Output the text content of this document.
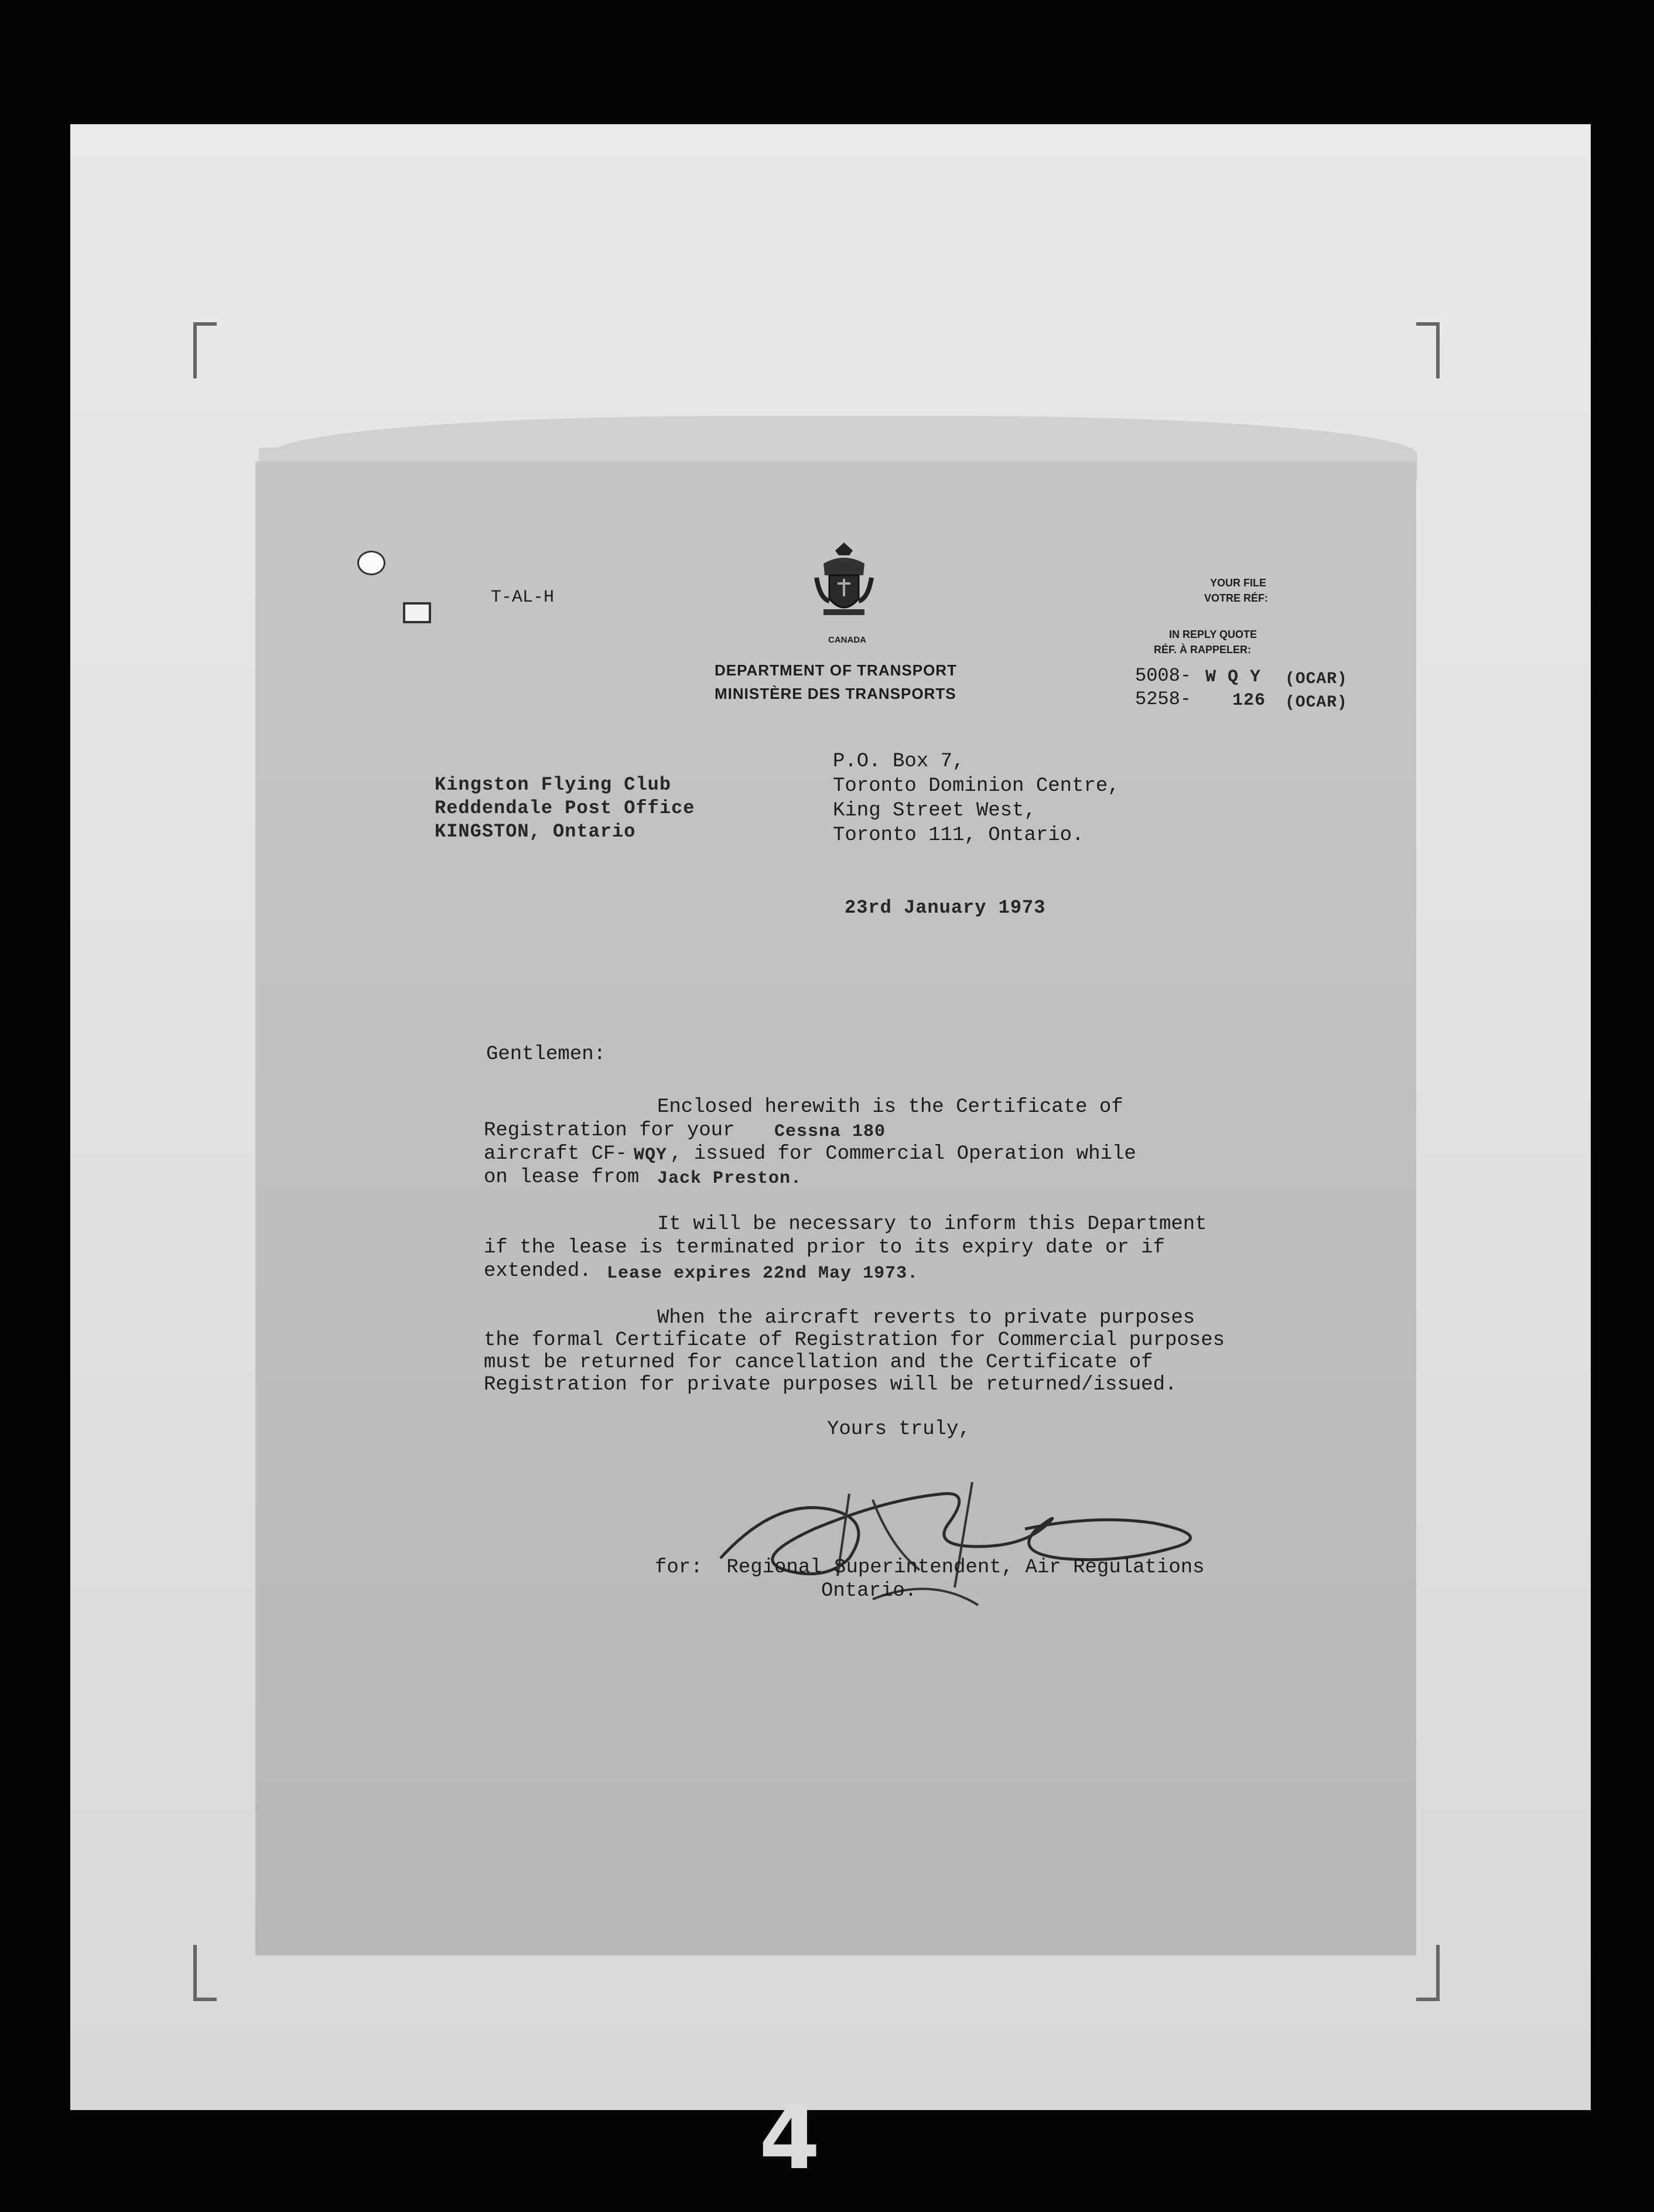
CANADA
DEPARTMENT OF TRANSPORT
MINISTÈRE DES TRANSPORTS
T-AL-H
YOUR FILE
VOTRE RÉF:
IN REPLY QUOTE
RÉF. À RAPPELER:
5008- W Q Y (OCAR)
5258- 126 (OCAR)
P.O. Box 7,
Toronto Dominion Centre,
King Street West,
Toronto 111, Ontario.
Kingston Flying Club
Reddendale Post Office
KINGSTON, Ontario
23rd January 1973
Gentlemen:
Enclosed herewith is the Certificate of
Registration for your Cessna 180
aircraft CF- WQY , issued for Commercial Operation while
on lease from Jack Preston.
It will be necessary to inform this Department
if the lease is terminated prior to its expiry date or if
extended. Lease expires 22nd May 1973.
When the aircraft reverts to private purposes
the formal Certificate of Registration for Commercial purposes
must be returned for cancellation and the Certificate of
Registration for private purposes will be returned/issued.
Yours truly,
for:  Regional Superintendent, Air Regulations
Ontario.
4
